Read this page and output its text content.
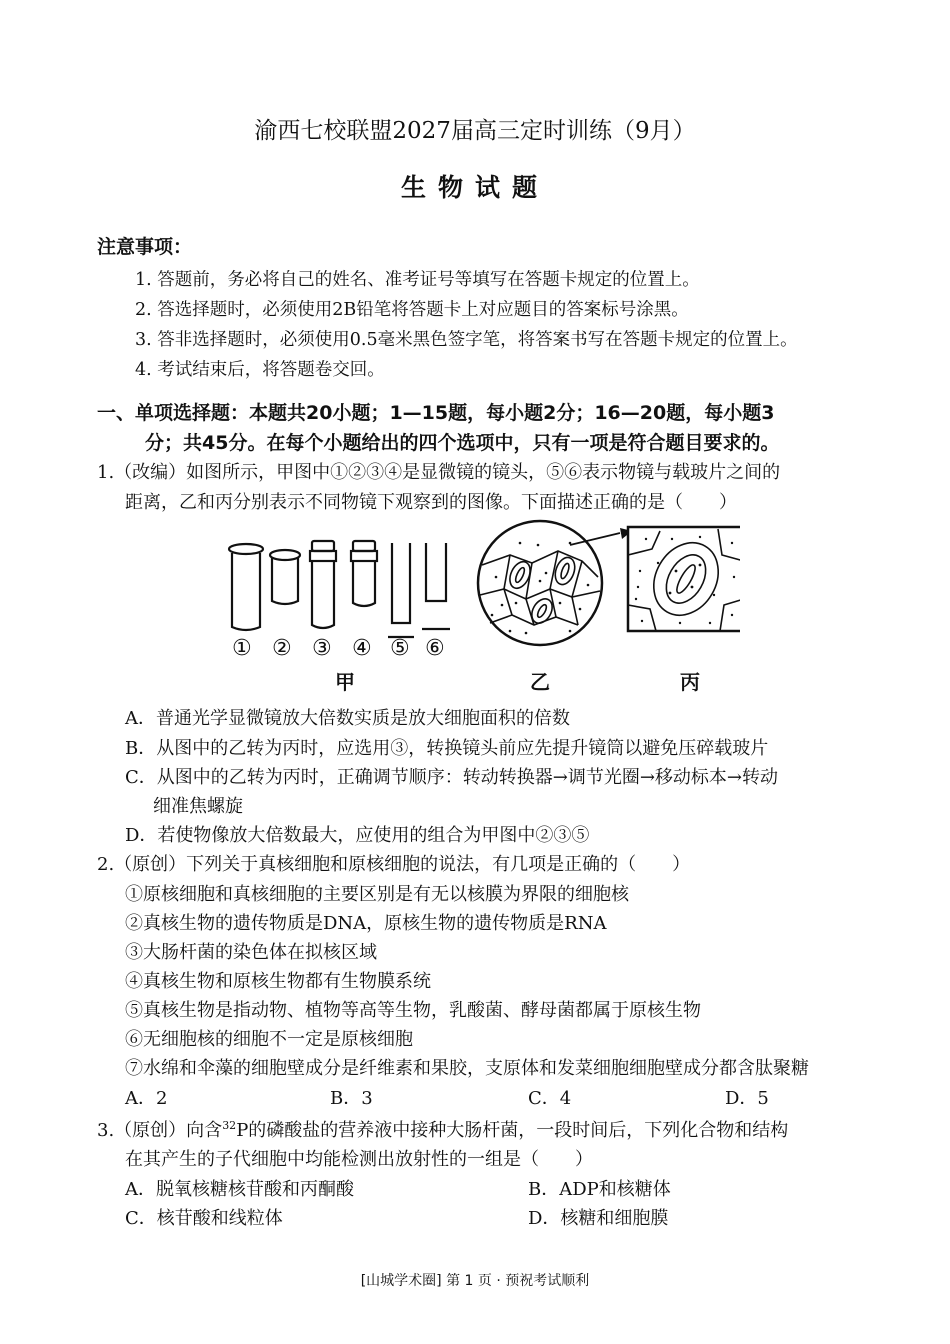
渝西七校联盟2027届高三定时训练（9月）
生物试题
注意事项：
1. 答题前，务必将自己的姓名、准考证号等填写在答题卡规定的位置上。
2. 答选择题时，必须使用2B铅笔将答题卡上对应题目的答案标号涂黑。
3. 答非选择题时，必须使用0.5毫米黑色签字笔，将答案书写在答题卡规定的位置上。
4. 考试结束后，将答题卷交回。
一、单项选择题：本题共20小题；1—15题，每小题2分；16—20题，每小题3
分；共45分。在每个小题给出的四个选项中，只有一项是符合题目要求的。
1.（改编）如图所示，甲图中①②③④是显微镜的镜头，⑤⑥表示物镜与载玻片之间的
距离，乙和丙分别表示不同物镜下观察到的图像。下面描述正确的是（　　）
① ② ③ ④ ⑤ ⑥
甲	乙	丙
A．普通光学显微镜放大倍数实质是放大细胞面积的倍数
B．从图中的乙转为丙时，应选用③，转换镜头前应先提升镜筒以避免压碎载玻片
C．从图中的乙转为丙时，正确调节顺序：转动转换器→调节光圈→移动标本→转动
细准焦螺旋
D．若使物像放大倍数最大，应使用的组合为甲图中②③⑤
2.（原创）下列关于真核细胞和原核细胞的说法，有几项是正确的（　　）
①原核细胞和真核细胞的主要区别是有无以核膜为界限的细胞核
②真核生物的遗传物质是DNA，原核生物的遗传物质是RNA
③大肠杆菌的染色体在拟核区域
④真核生物和原核生物都有生物膜系统
⑤真核生物是指动物、植物等高等生物，乳酸菌、酵母菌都属于原核生物
⑥无细胞核的细胞不一定是原核细胞
⑦水绵和伞藻的细胞壁成分是纤维素和果胶，支原体和发菜细胞细胞壁成分都含肽聚糖
A．2	B．3	C．4	D．5
3.（原创）向含$^{32}$P的磷酸盐的营养液中接种大肠杆菌，一段时间后，下列化合物和结构
在其产生的子代细胞中均能检测出放射性的一组是（　　）
A．脱氧核糖核苷酸和丙酮酸	B．ADP和核糖体
C．核苷酸和线粒体	D．核糖和细胞膜
[山城学术圈] 第 1 页 · 预祝考试顺利
